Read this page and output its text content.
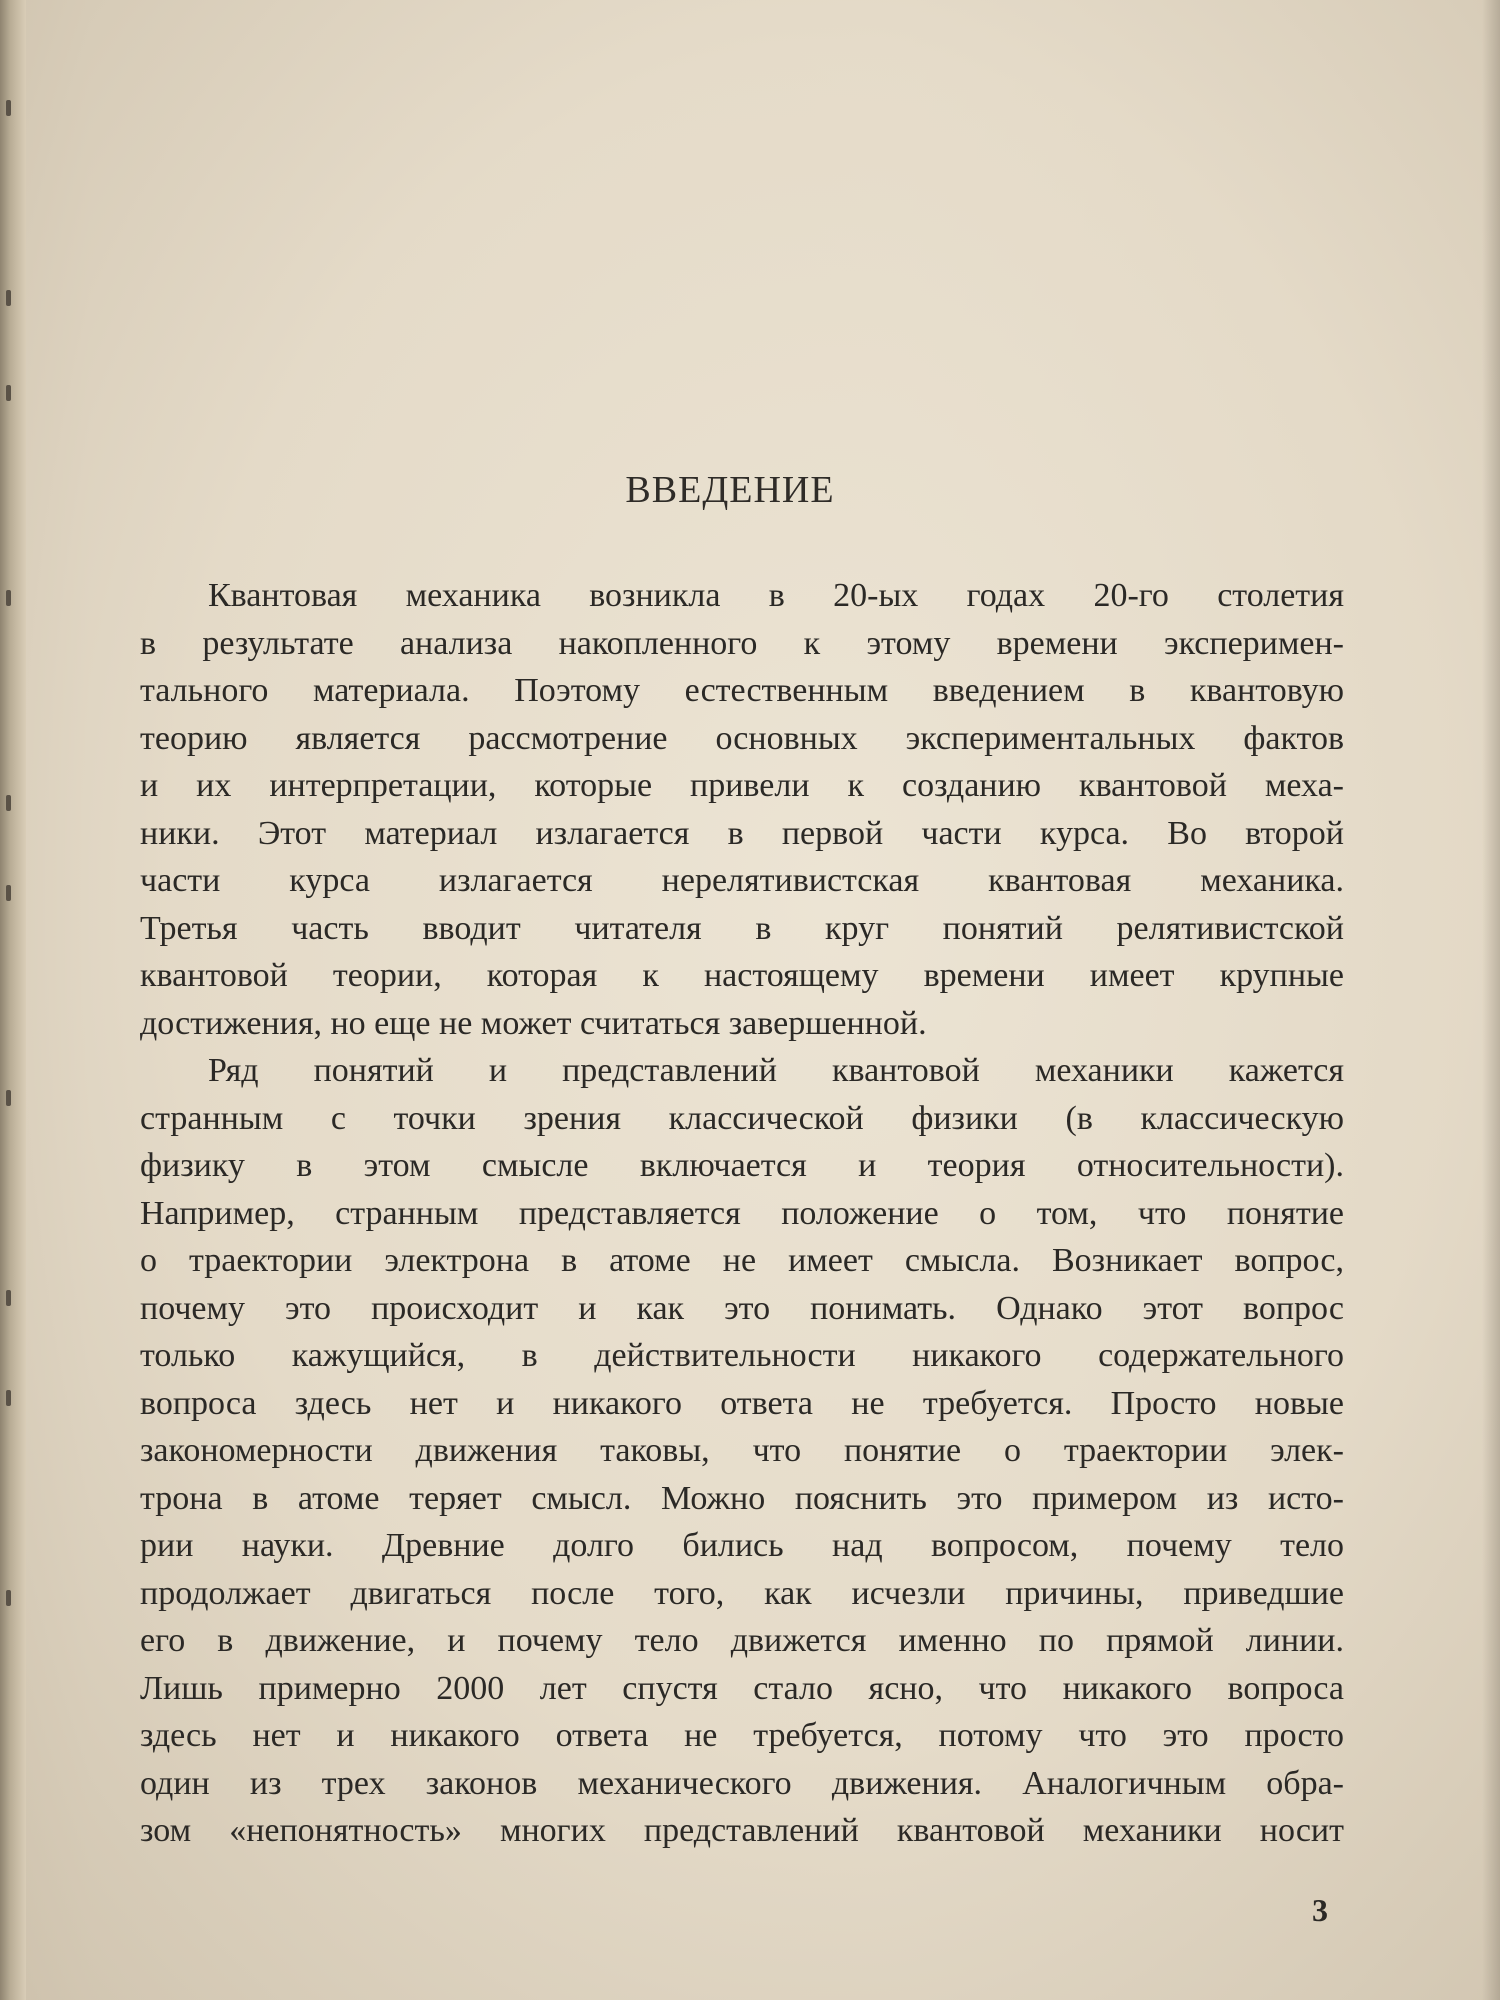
ВВЕДЕНИЕ
Квантовая механика возникла в 20-ых годах 20-го столетия
в результате анализа накопленного к этому времени эксперимен-
тального материала. Поэтому естественным введением в квантовую
теорию является рассмотрение основных экспериментальных фактов
и их интерпретации, которые привели к созданию квантовой меха-
ники. Этот материал излагается в первой части курса. Во второй
части курса излагается нерелятивистская квантовая механика.
Третья часть вводит читателя в круг понятий релятивистской
квантовой теории, которая к настоящему времени имеет крупные
достижения, но еще не может считаться завершенной.
Ряд понятий и представлений квантовой механики кажется
странным с точки зрения классической физики (в классическую
физику в этом смысле включается и теория относительности).
Например, странным представляется положение о том, что понятие
о траектории электрона в атоме не имеет смысла. Возникает вопрос,
почему это происходит и как это понимать. Однако этот вопрос
только кажущийся, в действительности никакого содержательного
вопроса здесь нет и никакого ответа не требуется. Просто новые
закономерности движения таковы, что понятие о траектории элек-
трона в атоме теряет смысл. Можно пояснить это примером из исто-
рии науки. Древние долго бились над вопросом, почему тело
продолжает двигаться после того, как исчезли причины, приведшие
его в движение, и почему тело движется именно по прямой линии.
Лишь примерно 2000 лет спустя стало ясно, что никакого вопроса
здесь нет и никакого ответа не требуется, потому что это просто
один из трех законов механического движения. Аналогичным обра-
зом «непонятность» многих представлений квантовой механики носит
3
